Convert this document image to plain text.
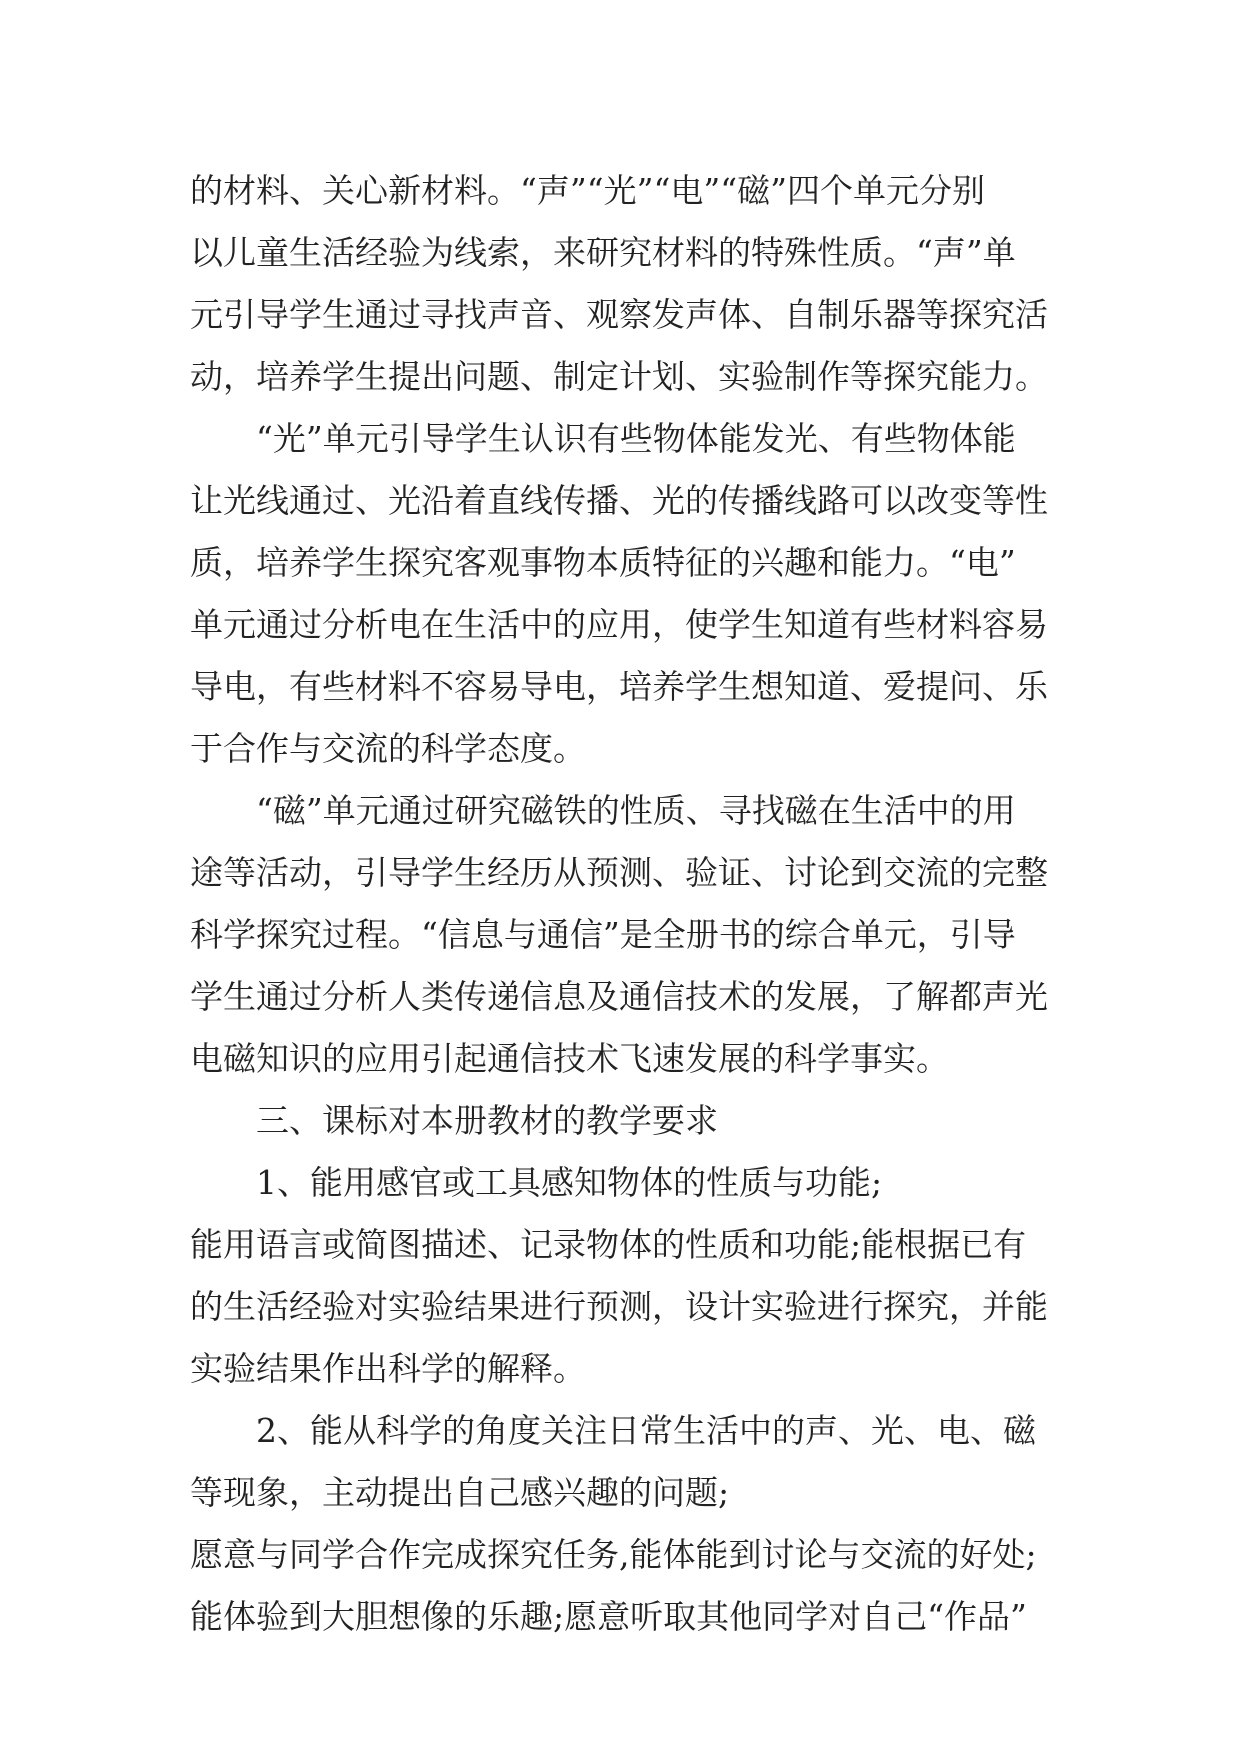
的材料、关心新材料。“声”“光”“电”“磁”四个单元分别
以儿童生活经验为线索，来研究材料的特殊性质。“声”单
元引导学生通过寻找声音、观察发声体、自制乐器等探究活
动，培养学生提出问题、制定计划、实验制作等探究能力。
　　“光”单元引导学生认识有些物体能发光、有些物体能
让光线通过、光沿着直线传播、光的传播线路可以改变等性
质，培养学生探究客观事物本质特征的兴趣和能力。“电”
单元通过分析电在生活中的应用，使学生知道有些材料容易
导电，有些材料不容易导电，培养学生想知道、爱提问、乐
于合作与交流的科学态度。
　　“磁”单元通过研究磁铁的性质、寻找磁在生活中的用
途等活动，引导学生经历从预测、验证、讨论到交流的完整
科学探究过程。“信息与通信”是全册书的综合单元，引导
学生通过分析人类传递信息及通信技术的发展，了解都声光
电磁知识的应用引起通信技术飞速发展的科学事实。
　　三、课标对本册教材的教学要求
　　1、能用感官或工具感知物体的性质与功能;
能用语言或简图描述、记录物体的性质和功能;能根据已有
的生活经验对实验结果进行预测，设计实验进行探究，并能
实验结果作出科学的解释。
　　2、能从科学的角度关注日常生活中的声、光、电、磁
等现象，主动提出自己感兴趣的问题;
愿意与同学合作完成探究任务,能体能到讨论与交流的好处;
能体验到大胆想像的乐趣;愿意听取其他同学对自己“作品”
